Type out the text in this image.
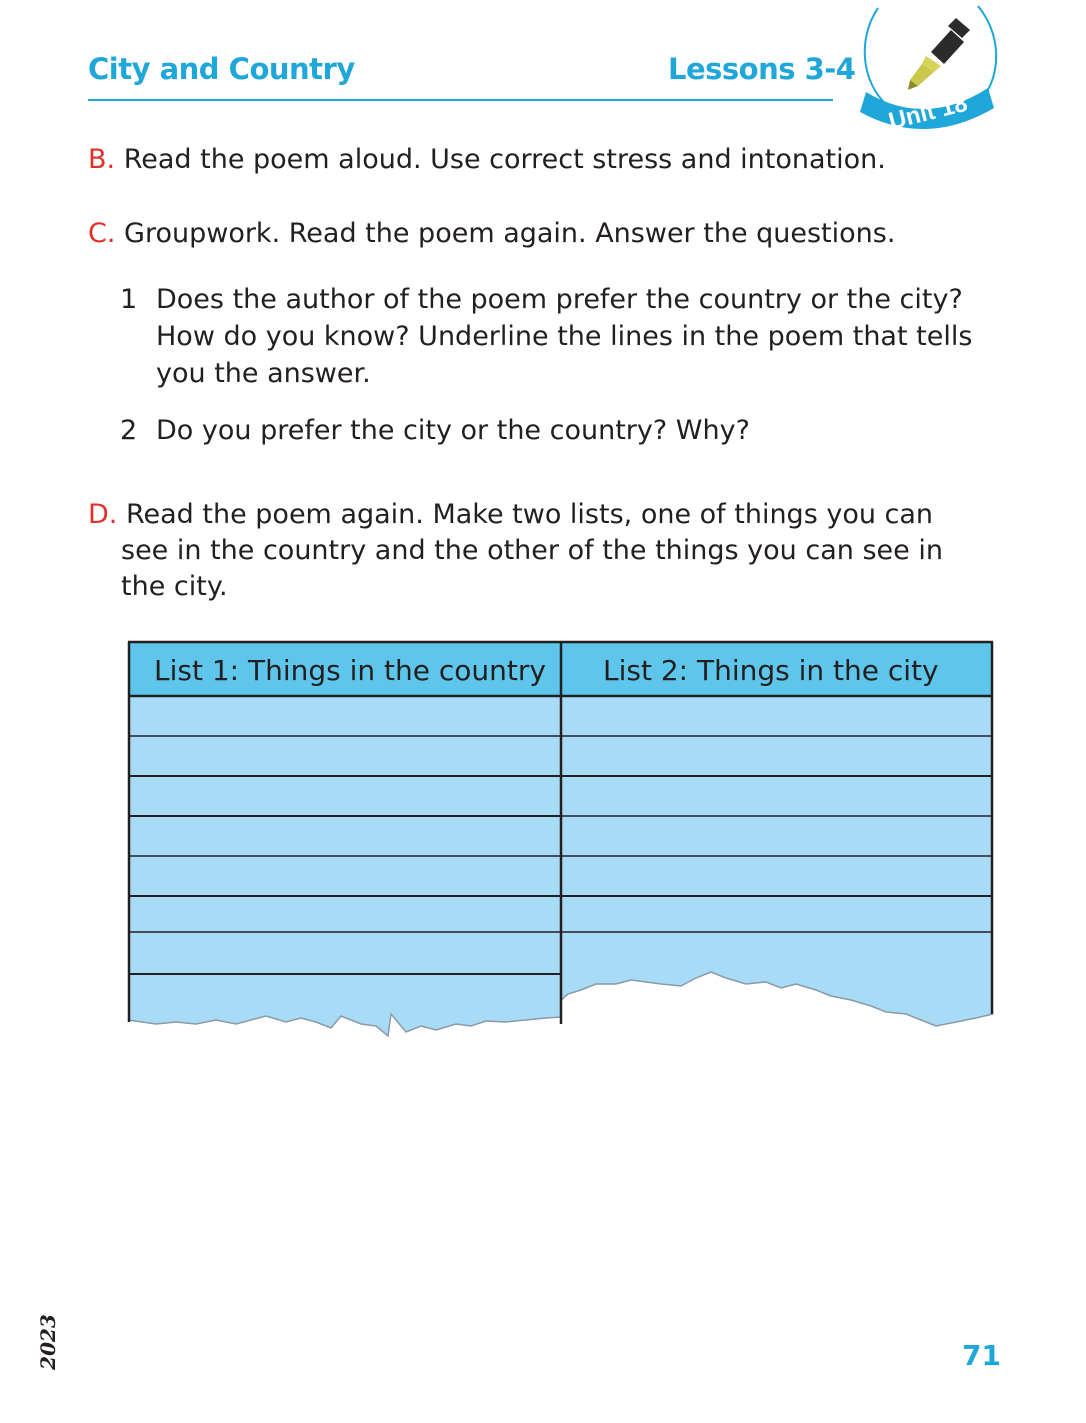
City and Country	Lessons 3-4
Unit 18
B. Read the poem aloud. Use correct stress and intonation.
C. Groupwork. Read the poem again. Answer the questions.
1 Does the author of the poem prefer the country or the city?
How do you know? Underline the lines in the poem that tells
you the answer.
2 Do you prefer the city or the country? Why?
D. Read the poem again. Make two lists, one of things you can
see in the country and the other of the things you can see in
the city.
List 1: Things in the country List 2: Things in the city
2023	71
